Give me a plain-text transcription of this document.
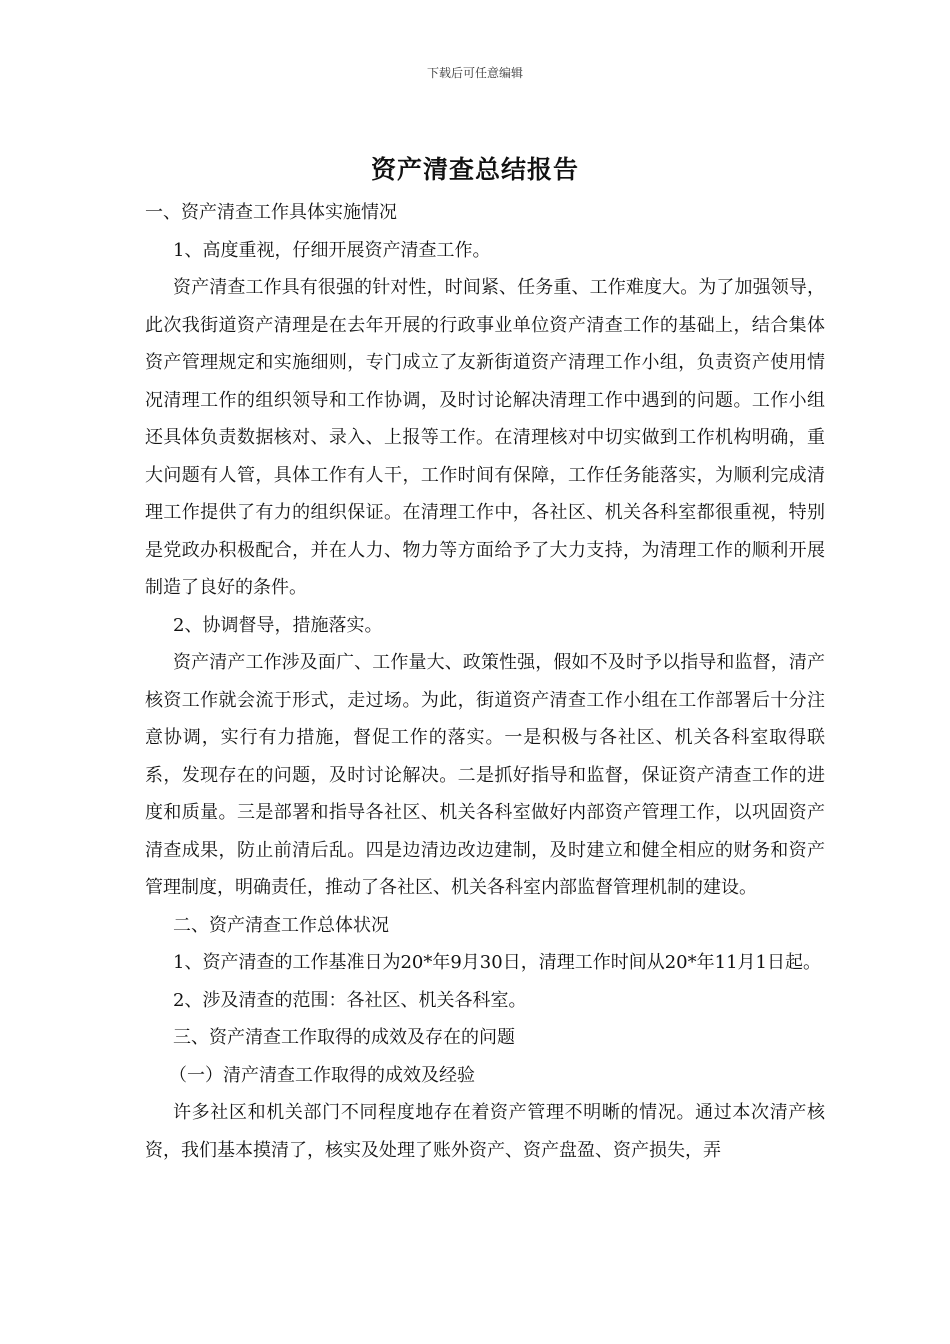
下载后可任意编辑
资产清查总结报告

一、资产清查工作具体实施情况

1、高度重视，仔细开展资产清查工作。

资产清查工作具有很强的针对性，时间紧、任务重、工作难度大。为了加强领导，此次我街道资产清理是在去年开展的行政事业单位资产清查工作的基础上，结合集体资产管理规定和实施细则，专门成立了友新街道资产清理工作小组，负责资产使用情况清理工作的组织领导和工作协调，及时讨论解决清理工作中遇到的问题。工作小组还具体负责数据核对、录入、上报等工作。在清理核对中切实做到工作机构明确，重大问题有人管，具体工作有人干，工作时间有保障，工作任务能落实，为顺利完成清理工作提供了有力的组织保证。在清理工作中，各社区、机关各科室都很重视，特别是党政办积极配合，并在人力、物力等方面给予了大力支持，为清理工作的顺利开展制造了良好的条件。

2、协调督导，措施落实。

资产清产工作涉及面广、工作量大、政策性强，假如不及时予以指导和监督，清产核资工作就会流于形式，走过场。为此，街道资产清查工作小组在工作部署后十分注意协调，实行有力措施，督促工作的落实。一是积极与各社区、机关各科室取得联系，发现存在的问题，及时讨论解决。二是抓好指导和监督，保证资产清查工作的进度和质量。三是部署和指导各社区、机关各科室做好内部资产管理工作，以巩固资产清查成果，防止前清后乱。四是边清边改边建制，及时建立和健全相应的财务和资产管理制度，明确责任，推动了各社区、机关各科室内部监督管理机制的建设。

二、资产清查工作总体状况

1、资产清查的工作基准日为20*年9月30日，清理工作时间从20*年11月1日起。

2、涉及清查的范围：各社区、机关各科室。

三、资产清查工作取得的成效及存在的问题

（一）清产清查工作取得的成效及经验

许多社区和机关部门不同程度地存在着资产管理不明晰的情况。通过本次清产核资，我们基本摸清了，核实及处理了账外资产、资产盘盈、资产损失，弄
